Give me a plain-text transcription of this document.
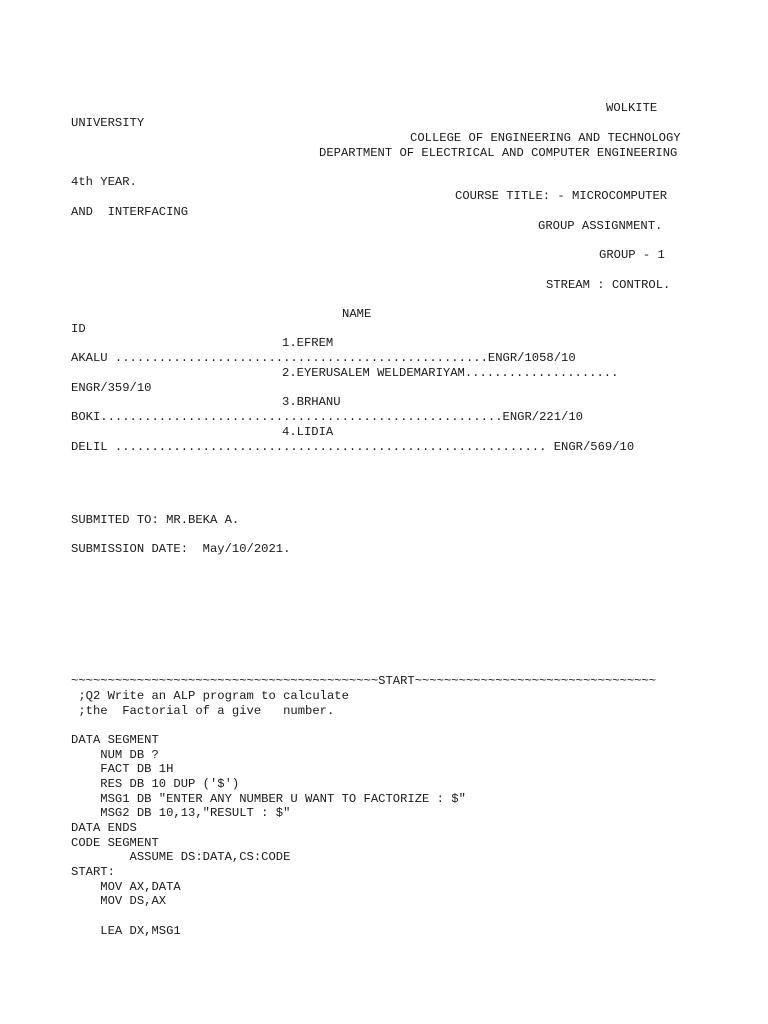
WOLKITE
UNIVERSITY
COLLEGE OF ENGINEERING AND TECHNOLOGY
DEPARTMENT OF ELECTRICAL AND COMPUTER ENGINEERING
4th YEAR.
COURSE TITLE: - MICROCOMPUTER
AND  INTERFACING
GROUP ASSIGNMENT.
GROUP - 1
STREAM : CONTROL.
NAME
ID
1.EFREM
AKALU ...................................................ENGR/1058/10
2.EYERUSALEM WELDEMARIYAM.....................
ENGR/359/10
3.BRHANU
BOKI.......................................................ENGR/221/10
4.LIDIA
DELIL ........................................................... ENGR/569/10
SUBMITED TO: MR.BEKA A.
SUBMISSION DATE:  May/10/2021.
~~~~~~~~~~~~~~~~~~~~~~~~~~~~~~~~~~~~~~~~~~START~~~~~~~~~~~~~~~~~~~~~~~~~~~~~~~~~
;Q2 Write an ALP program to calculate
;the  Factorial of a give   number.
DATA SEGMENT
NUM DB ?
FACT DB 1H
RES DB 10 DUP ('$')
MSG1 DB "ENTER ANY NUMBER U WANT TO FACTORIZE : $"
MSG2 DB 10,13,"RESULT : $"
DATA ENDS
CODE SEGMENT
ASSUME DS:DATA,CS:CODE
START:
MOV AX,DATA
MOV DS,AX
LEA DX,MSG1
